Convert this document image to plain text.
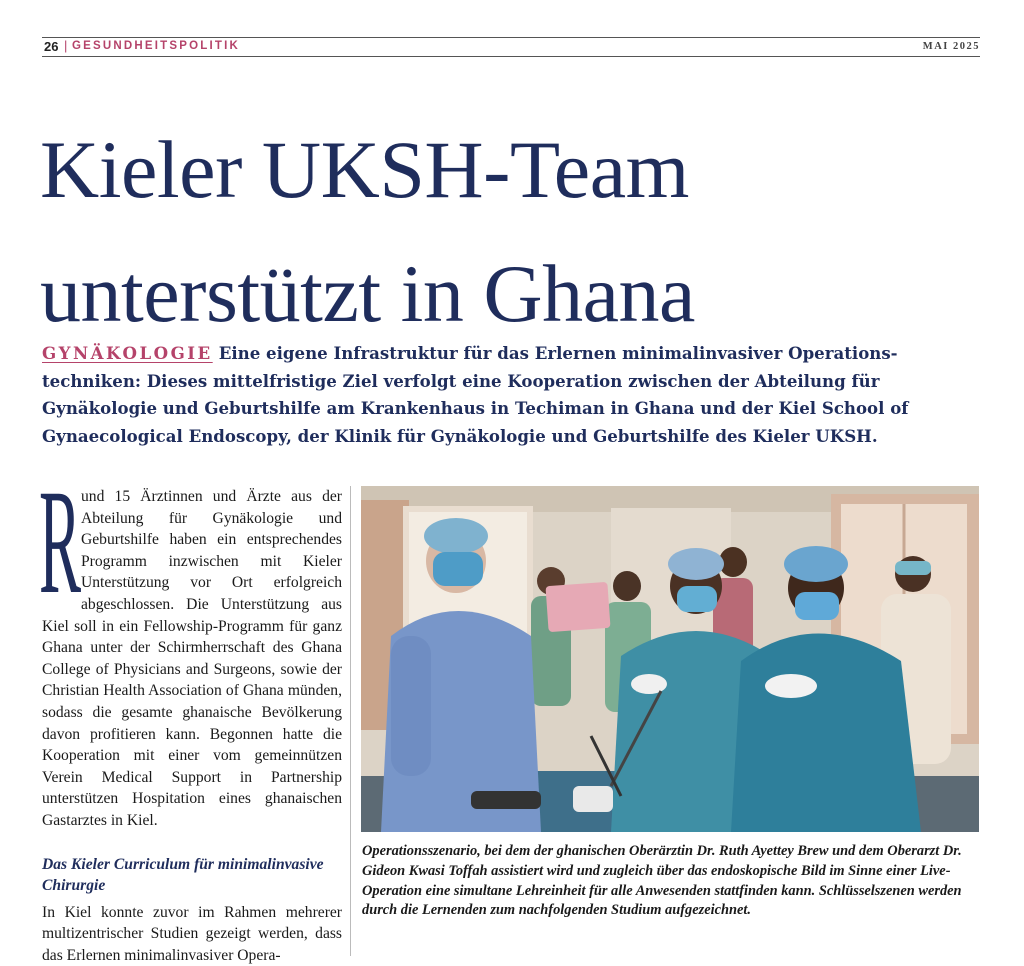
26 | GESUNDHEITSPOLITIK	MAI 2025
Kieler UKSH-Team
unterstützt in Ghana

GYNÄKOLOGIE Eine eigene Infrastruktur für das Erlernen minimalinvasiver Operationstechniken: Dieses mittelfristige Ziel verfolgt eine Kooperation zwischen der Abteilung für Gynäkologie und Geburtshilfe am Krankenhaus in Techiman in Ghana und der Kiel School of Gynaecological Endoscopy, der Klinik für Gynäkologie und Geburtshilfe des Kieler UKSH.

Rund 15 Ärztinnen und Ärzte aus der Abteilung für Gynäkologie und Geburtshilfe haben ein entsprechendes Programm inzwischen mit Kieler Unterstützung vor Ort erfolgreich abgeschlossen. Die Unterstützung aus Kiel soll in ein Fellowship-Programm für ganz Ghana unter der Schirmherrschaft des Ghana College of Physicians and Surgeons, sowie der Christian Health Association of Ghana münden, sodass die gesamte ghanaische Bevölkerung davon profitieren kann. Begonnen hatte die Kooperation mit einer vom gemeinnützen Verein Medical Support in Partnership unterstützen Hospitation eines ghanaischen Gastarztes in Kiel.

Das Kieler Curriculum für minimalinvasive Chirurgie

In Kiel konnte zuvor im Rahmen mehrerer multizentrischer Studien gezeigt werden, dass das Erlernen minimalinvasiver Opera-

Operationsszenario, bei dem der ghanischen Oberärztin Dr. Ruth Ayettey Brew und dem Oberarzt Dr. Gideon Kwasi Toffah assistiert wird und zugleich über das endoskopische Bild im Sinne einer Live-Operation eine simultane Lehreinheit für alle Anwesenden stattfinden kann. Schlüsselszenen werden durch die Lernenden zum nachfolgenden Studium aufgezeichnet.
